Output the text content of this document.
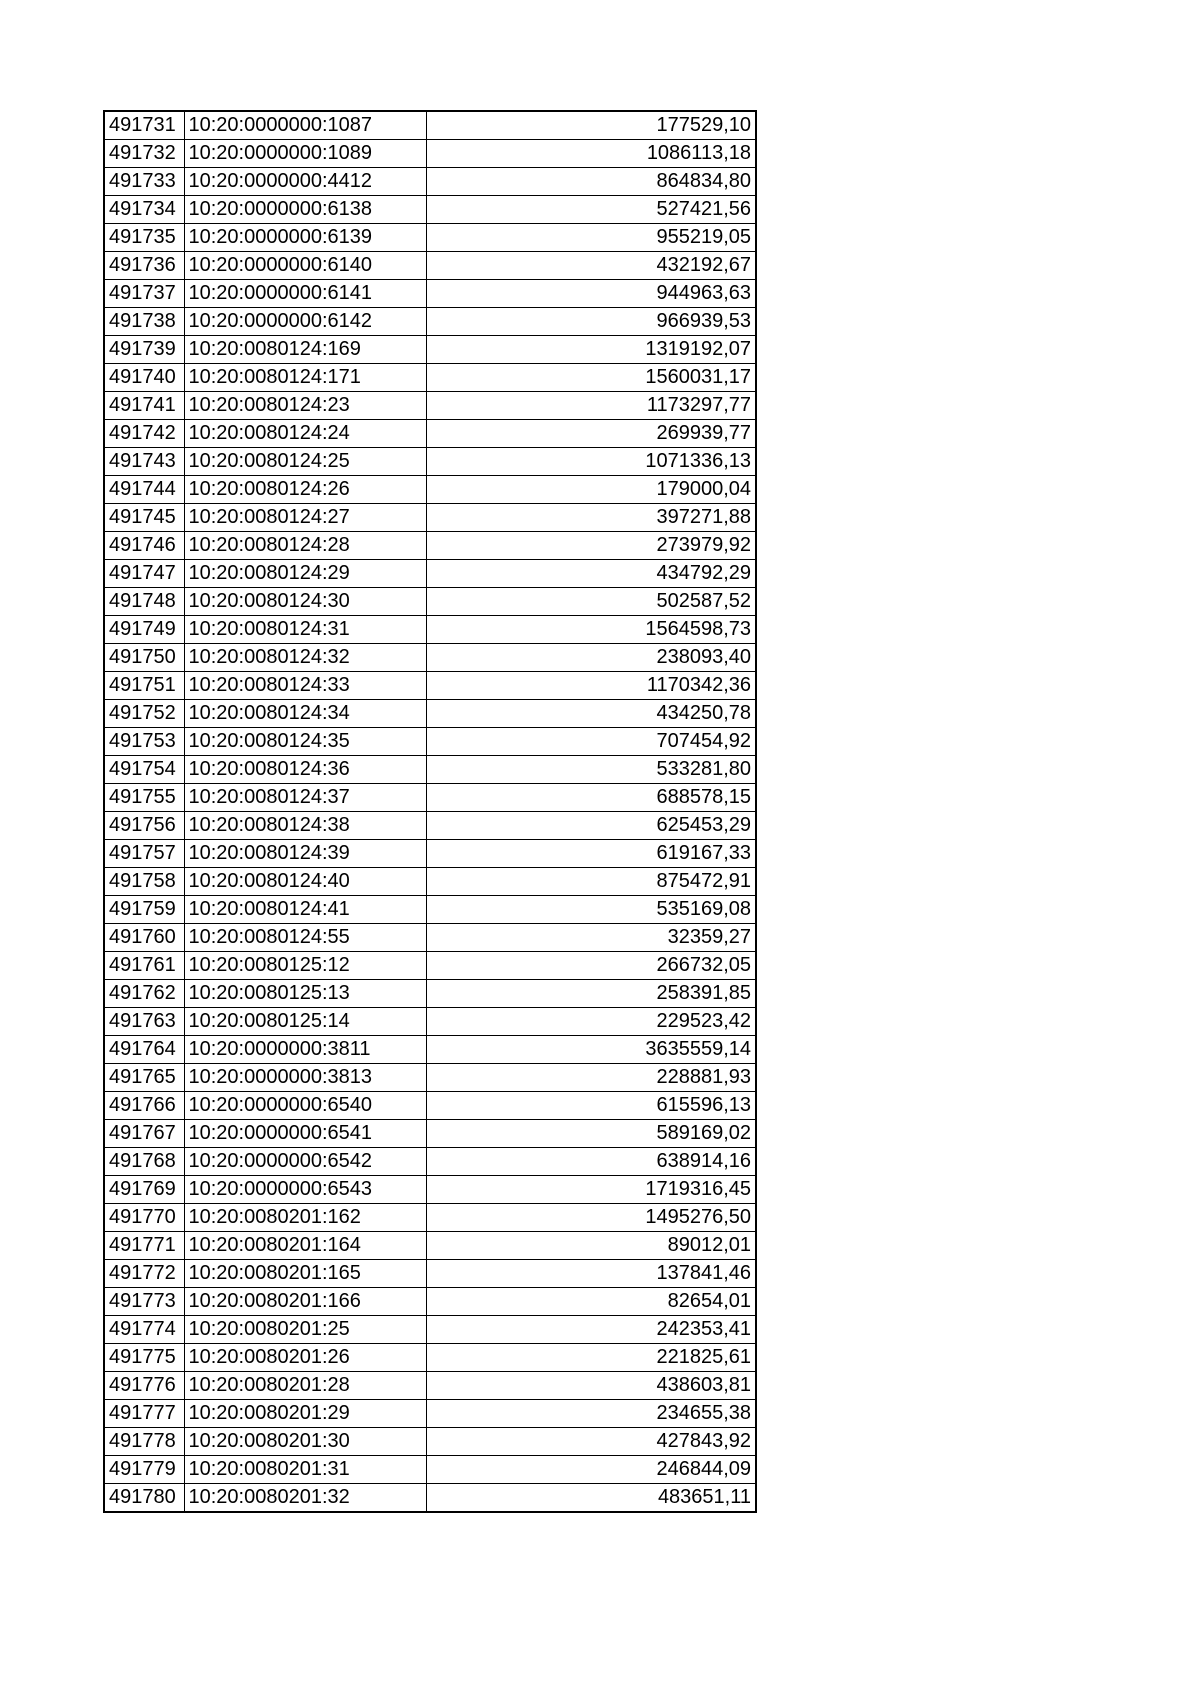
491731	10:20:0000000:1087	177529,10
491732	10:20:0000000:1089	1086113,18
491733	10:20:0000000:4412	864834,80
491734	10:20:0000000:6138	527421,56
491735	10:20:0000000:6139	955219,05
491736	10:20:0000000:6140	432192,67
491737	10:20:0000000:6141	944963,63
491738	10:20:0000000:6142	966939,53
491739	10:20:0080124:169	1319192,07
491740	10:20:0080124:171	1560031,17
491741	10:20:0080124:23	1173297,77
491742	10:20:0080124:24	269939,77
491743	10:20:0080124:25	1071336,13
491744	10:20:0080124:26	179000,04
491745	10:20:0080124:27	397271,88
491746	10:20:0080124:28	273979,92
491747	10:20:0080124:29	434792,29
491748	10:20:0080124:30	502587,52
491749	10:20:0080124:31	1564598,73
491750	10:20:0080124:32	238093,40
491751	10:20:0080124:33	1170342,36
491752	10:20:0080124:34	434250,78
491753	10:20:0080124:35	707454,92
491754	10:20:0080124:36	533281,80
491755	10:20:0080124:37	688578,15
491756	10:20:0080124:38	625453,29
491757	10:20:0080124:39	619167,33
491758	10:20:0080124:40	875472,91
491759	10:20:0080124:41	535169,08
491760	10:20:0080124:55	32359,27
491761	10:20:0080125:12	266732,05
491762	10:20:0080125:13	258391,85
491763	10:20:0080125:14	229523,42
491764	10:20:0000000:3811	3635559,14
491765	10:20:0000000:3813	228881,93
491766	10:20:0000000:6540	615596,13
491767	10:20:0000000:6541	589169,02
491768	10:20:0000000:6542	638914,16
491769	10:20:0000000:6543	1719316,45
491770	10:20:0080201:162	1495276,50
491771	10:20:0080201:164	89012,01
491772	10:20:0080201:165	137841,46
491773	10:20:0080201:166	82654,01
491774	10:20:0080201:25	242353,41
491775	10:20:0080201:26	221825,61
491776	10:20:0080201:28	438603,81
491777	10:20:0080201:29	234655,38
491778	10:20:0080201:30	427843,92
491779	10:20:0080201:31	246844,09
491780	10:20:0080201:32	483651,11
